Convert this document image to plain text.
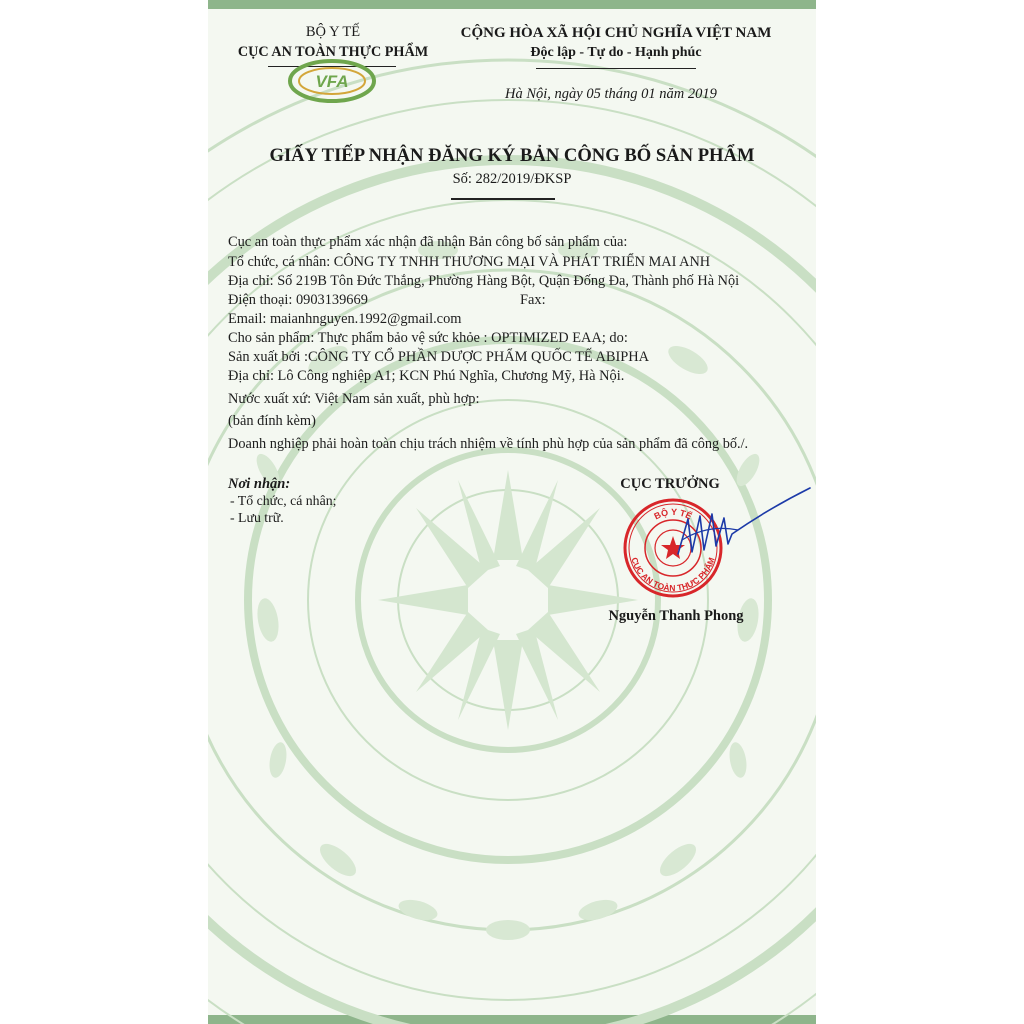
BỘ Y TẾ
CỤC AN TOÀN THỰC PHẨM
VFA
CỘNG HÒA XÃ HỘI CHỦ NGHĨA VIỆT NAM
Độc lập - Tự do - Hạnh phúc
Hà Nội, ngày 05 tháng 01 năm 2019
GIẤY TIẾP NHẬN ĐĂNG KÝ BẢN CÔNG BỐ SẢN PHẨM
Số: 282/2019/ĐKSP
Cục an toàn thực phẩm xác nhận đã nhận Bản công bố sản phẩm của:
Tổ chức, cá nhân: CÔNG TY TNHH THƯƠNG MẠI VÀ PHÁT TRIỂN MAI ANH
Địa chỉ: Số 219B Tôn Đức Thắng, Phường Hàng Bột, Quận Đống Đa, Thành phố Hà Nội
Điện thoại: 0903139669	Fax:
Email: maianhnguyen.1992@gmail.com
Cho sản phẩm: Thực phẩm bảo vệ sức khỏe : OPTIMIZED EAA; do:
Sản xuất bởi :CÔNG TY CỔ PHẦN DƯỢC PHẨM QUỐC TẾ ABIPHA
Địa chỉ: Lô Công nghiệp A1; KCN Phú Nghĩa, Chương Mỹ, Hà Nội.
Nước xuất xứ: Việt Nam sản xuất, phù hợp:
(bản đính kèm)
Doanh nghiệp phải hoàn toàn chịu trách nhiệm về tính phù hợp của sản phẩm đã công bố./.
Nơi nhận:
- Tổ chức, cá nhân;
- Lưu trữ.
CỤC TRƯỞNG
BỘ Y TẾ
CỤC AN TOÀN THỰC PHẨM
Nguyễn Thanh Phong
